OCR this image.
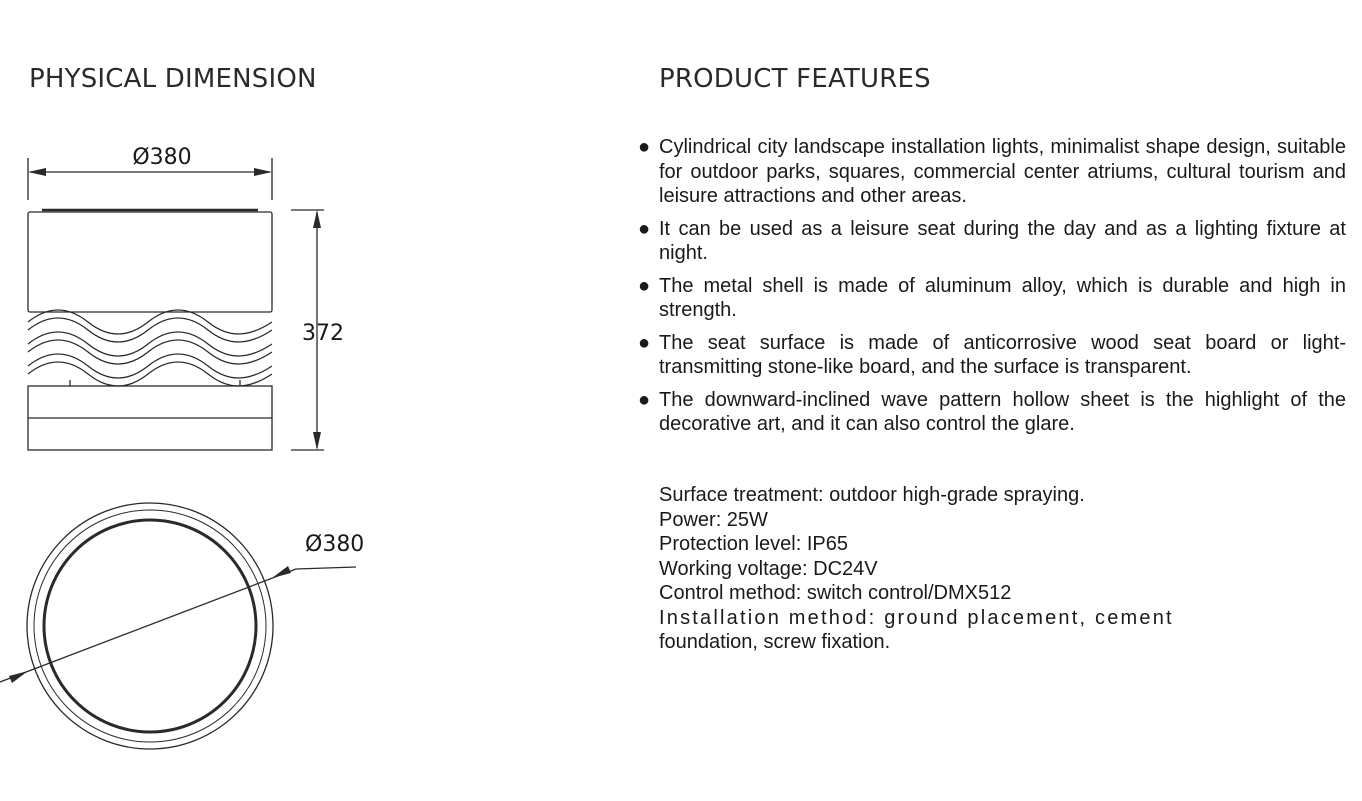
PHYSICAL DIMENSION	PRODUCT FEATURES
Ø380
372
Ø380
● Cylindrical city landscape installation lights, minimalist shape design, suitable for outdoor parks, squares, commercial center atriums, cultural tourism and leisure attractions and other areas.
● It can be used as a leisure seat during the day and as a lighting fixture at night.
● The metal shell is made of aluminum alloy, which is durable and high in strength.
● The seat surface is made of anticorrosive wood seat board or light-transmitting stone-like board, and the surface is transparent.
● The downward-inclined wave pattern hollow sheet is the highlight of the decorative art, and it can also control the glare.
Surface treatment: outdoor high-grade spraying.
Power: 25W
Protection level: IP65
Working voltage: DC24V
Control method: switch control/DMX512
Installation method: ground placement, cement
foundation, screw fixation.
